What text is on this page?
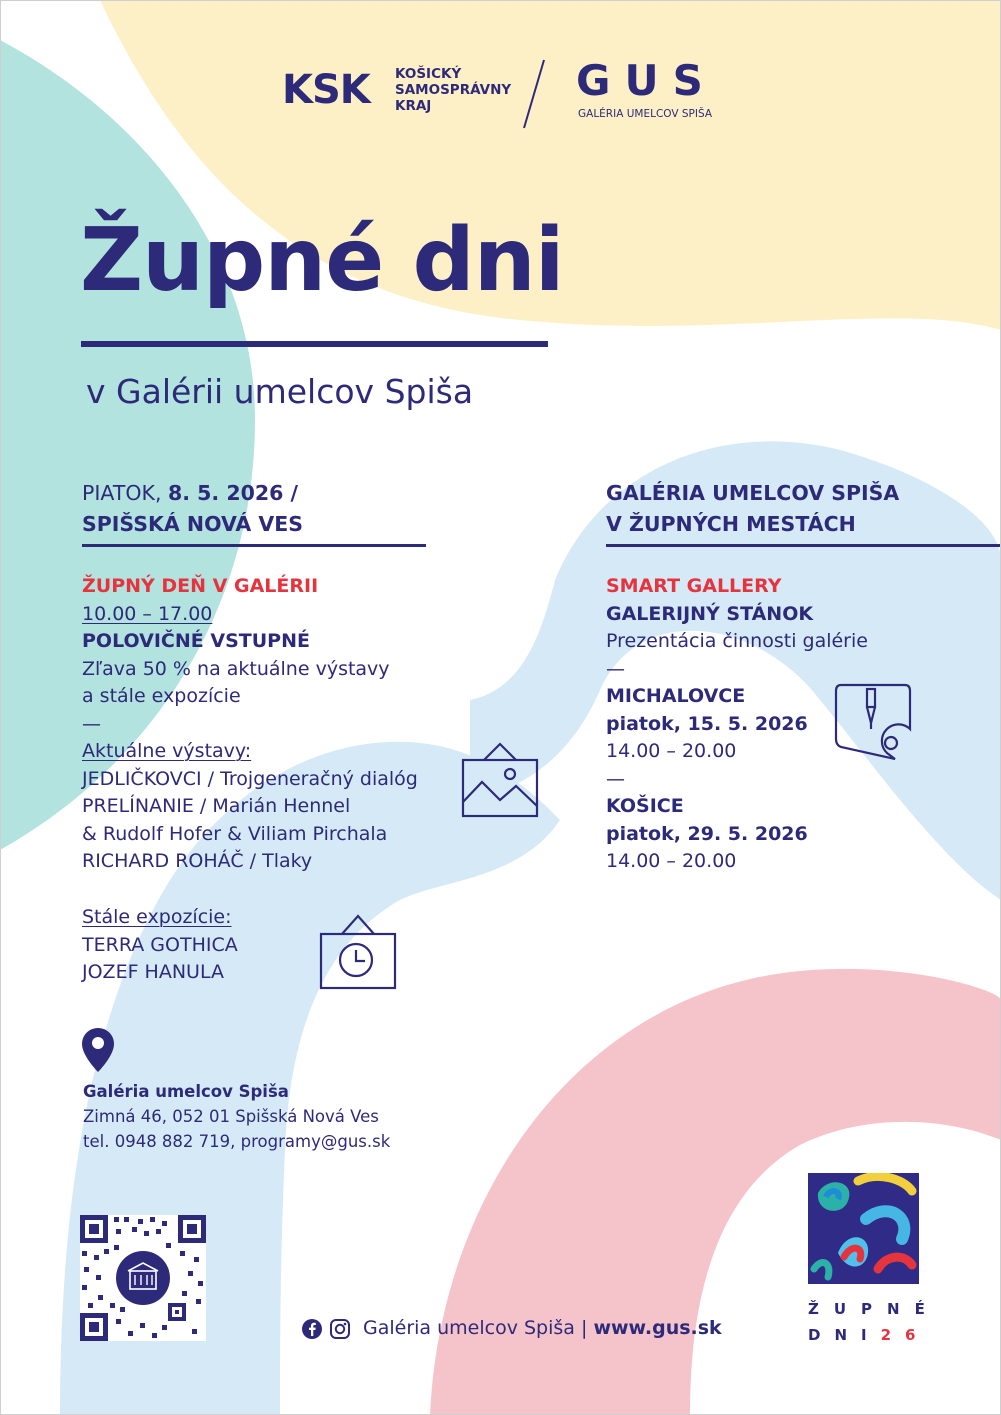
KSK KOŠICKÝ
SAMOSPRÁVNY
KRAJ
GUS
GALÉRIA UMELCOV SPIŠA
Župné dni
v Galérii umelcov Spiša
PIATOK, 8. 5. 2026 /
SPIŠSKÁ NOVÁ VES
ŽUPNÝ DEŇ V GALÉRII
10.00 – 17.00
POLOVIČNÉ VSTUPNÉ
Zľava 50 % na aktuálne výstavy
a stále expozície
—
Aktuálne výstavy:
JEDLIČKOVCI / Trojgeneračný dialóg
PRELÍNANIE / Marián Hennel
& Rudolf Hofer & Viliam Pirchala
RICHARD ROHÁČ / Tlaky
Stále expozície:
TERRA GOTHICA
JOZEF HANULA
GALÉRIA UMELCOV SPIŠA
V ŽUPNÝCH MESTÁCH
SMART GALLERY
GALERIJNÝ STÁNOK
Prezentácia činnosti galérie
—
MICHALOVCE
piatok, 15. 5. 2026
14.00 – 20.00
—
KOŠICE
piatok, 29. 5. 2026
14.00 – 20.00
Galéria umelcov Spiša
Zimná 46, 052 01 Spišská Nová Ves
tel. 0948 882 719, programy@gus.sk
Galéria umelcov Spiša | www.gus.sk
ŽUPNÉ
DNI26
